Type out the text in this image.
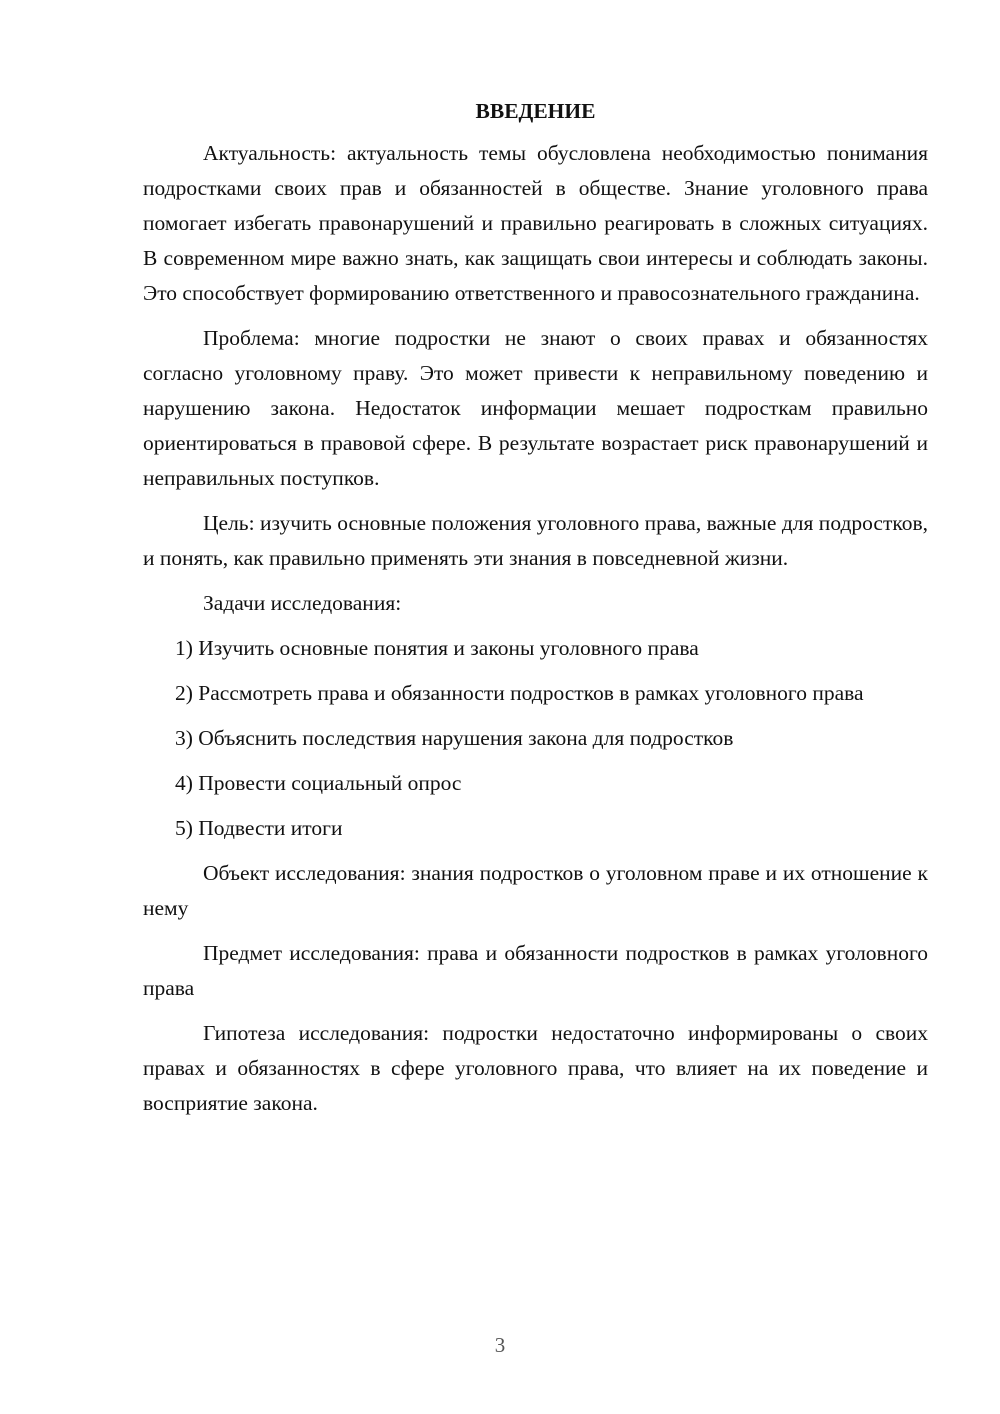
ВВЕДЕНИЕ

Актуальность: актуальность темы обусловлена необходимостью понимания подростками своих прав и обязанностей в обществе. Знание уголовного права помогает избегать правонарушений и правильно реагировать в сложных ситуациях. В современном мире важно знать, как защищать свои интересы и соблюдать законы. Это способствует формированию ответственного и правосознательного гражданина.

Проблема: многие подростки не знают о своих правах и обязанностях согласно уголовному праву. Это может привести к неправильному поведению и нарушению закона. Недостаток информации мешает подросткам правильно ориентироваться в правовой сфере. В результате возрастает риск правонарушений и неправильных поступков.

Цель: изучить основные положения уголовного права, важные для подростков, и понять, как правильно применять эти знания в повседневной жизни.

Задачи исследования:

1) Изучить основные понятия и законы уголовного права

2) Рассмотреть права и обязанности подростков в рамках уголовного права

3) Объяснить последствия нарушения закона для подростков

4) Провести социальный опрос

5) Подвести итоги

Объект исследования: знания подростков о уголовном праве и их отношение к нему

Предмет исследования: права и обязанности подростков в рамках уголовного права

Гипотеза исследования: подростки недостаточно информированы о своих правах и обязанностях в сфере уголовного права, что влияет на их поведение и восприятие закона.

3
